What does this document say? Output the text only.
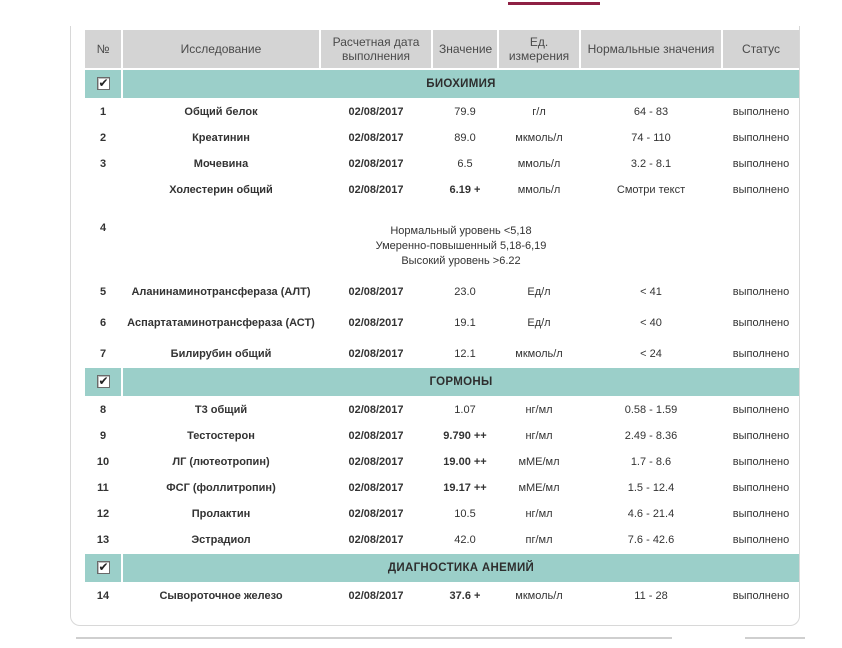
№	Исследование	Расчетная дата выполнения	Значение	Ед. измерения	Нормальные значения	Статус

✔	БИОХИМИЯ					
1	Общий белок	02/08/2017	79.9	г/л	64 - 83	выполнено
2	Креатинин	02/08/2017	89.0	мкмоль/л	74 - 110	выполнено
3	Мочевина	02/08/2017	6.5	ммоль/л	3.2 - 8.1	выполнено
4	Холестерин общий	02/08/2017	6.19 +	ммоль/л	Смотри текст	выполнено

	Нормальный уровень <5,18
Умеренно-повышенный 5,18-6,19
Высокий уровень >6.22					

5	Аланинаминотрансфераза (АЛТ)	02/08/2017	23.0	Ед/л	< 41	выполнено
6	Аспартатаминотрансфераза (АСТ)	02/08/2017	19.1	Ед/л	< 40	выполнено
7	Билирубин общий	02/08/2017	12.1	мкмоль/л	< 24	выполнено

✔	ГОРМОНЫ					
8	Т3 общий	02/08/2017	1.07	нг/мл	0.58 - 1.59	выполнено
9	Тестостерон	02/08/2017	9.790 ++	нг/мл	2.49 - 8.36	выполнено
10	ЛГ (лютеотропин)	02/08/2017	19.00 ++	мМЕ/мл	1.7 - 8.6	выполнено
11	ФСГ (фоллитропин)	02/08/2017	19.17 ++	мМЕ/мл	1.5 - 12.4	выполнено
12	Пролактин	02/08/2017	10.5	нг/мл	4.6 - 21.4	выполнено
13	Эстрадиол	02/08/2017	42.0	пг/мл	7.6 - 42.6	выполнено

✔	ДИАГНОСТИКА АНЕМИЙ					
14	Сывороточное железо	02/08/2017	37.6 +	мкмоль/л	11 - 28	выполнено
